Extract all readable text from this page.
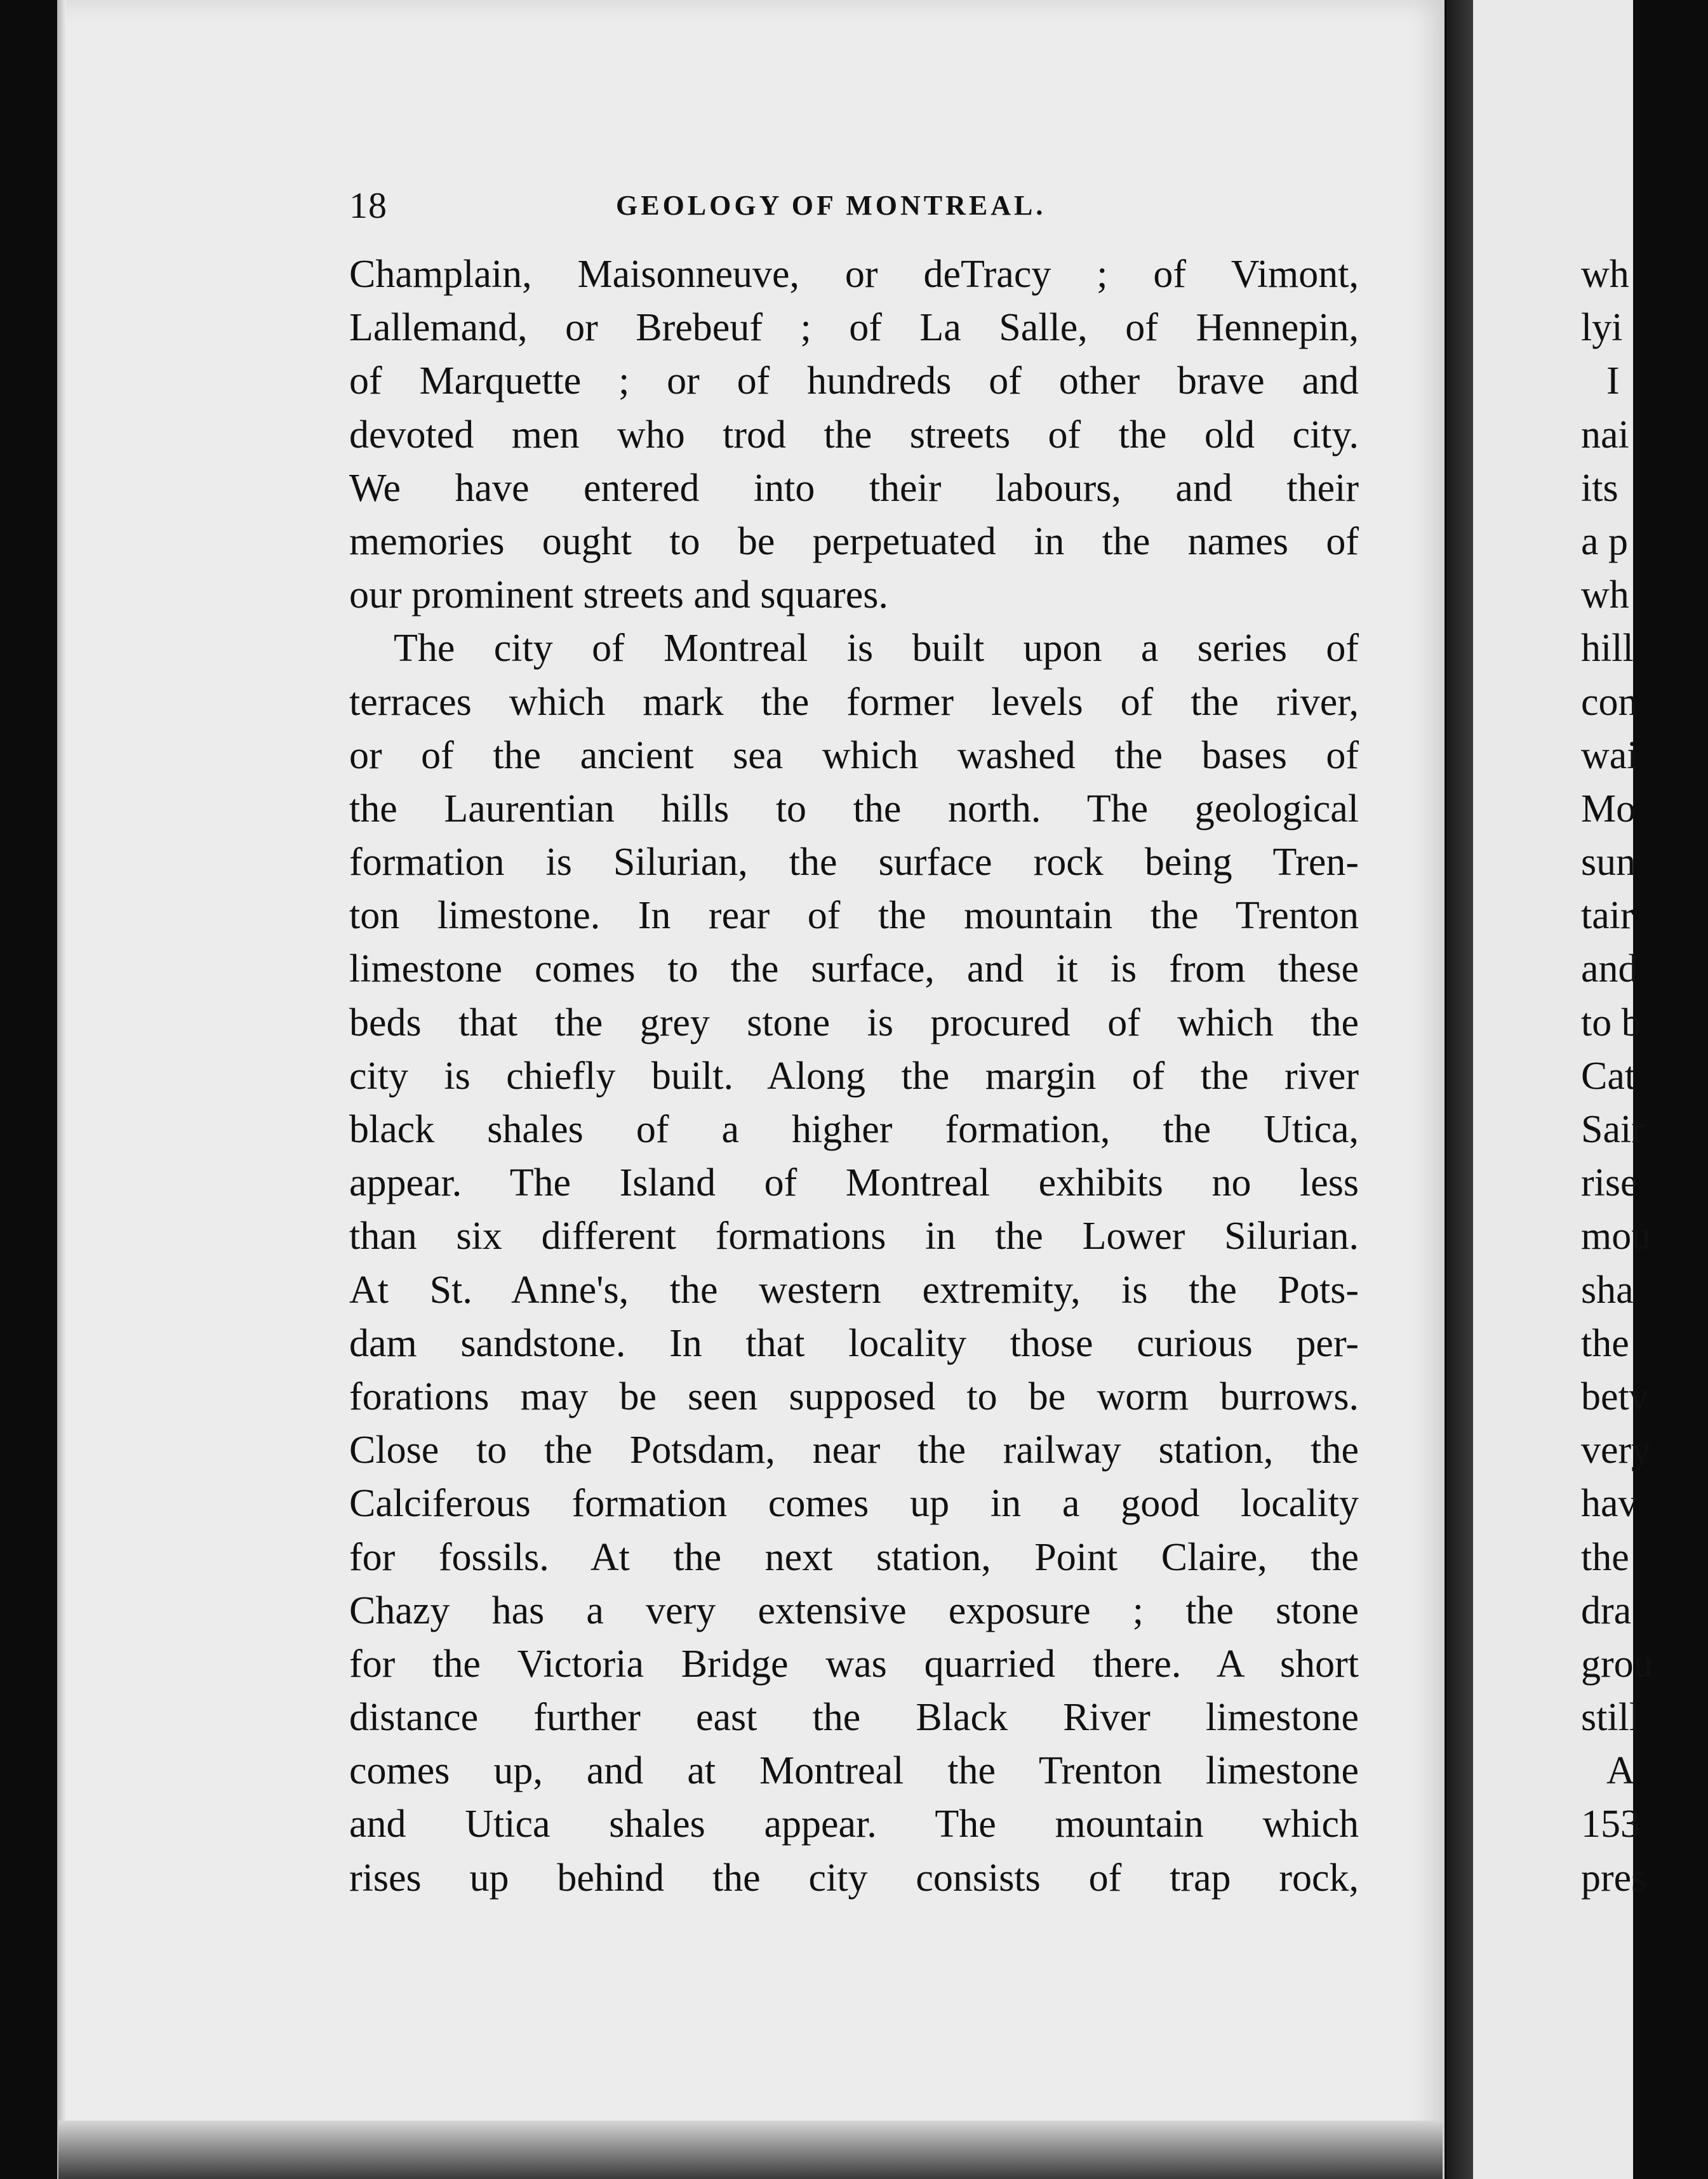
18	GEOLOGY OF MONTREAL.
Champlain, Maisonneuve, or deTracy ; of Vimont,
Lallemand, or Brebeuf ; of La Salle, of Hennepin,
of Marquette ; or of hundreds of other brave and
devoted men who trod the streets of the old city.
We have entered into their labours, and their
memories ought to be perpetuated in the names of
our prominent streets and squares.
The city of Montreal is built upon a series of
terraces which mark the former levels of the river,
or of the ancient sea which washed the bases of
the Laurentian hills to the north. The geological
formation is Silurian, the surface rock being Tren-
ton limestone. In rear of the mountain the Trenton
limestone comes to the surface, and it is from these
beds that the grey stone is procured of which the
city is chiefly built. Along the margin of the river
black shales of a higher formation, the Utica,
appear. The Island of Montreal exhibits no less
than six different formations in the Lower Silurian.
At St. Anne's, the western extremity, is the Pots-
dam sandstone. In that locality those curious per-
forations may be seen supposed to be worm burrows.
Close to the Potsdam, near the railway station, the
Calciferous formation comes up in a good locality
for fossils. At the next station, Point Claire, the
Chazy has a very extensive exposure ; the stone
for the Victoria Bridge was quarried there. A short
distance further east the Black River limestone
comes up, and at Montreal the Trenton limestone
and Utica shales appear. The mountain which
rises up behind the city consists of trap rock,
wh
lyi
I
nai
its
a p
wh
hill
con
wai
Mo
sun
tair
and
to b
Cat
Sair
rise
mou
sha
the
betv
very
hav
the
dra
grou
still
A
153
pres
